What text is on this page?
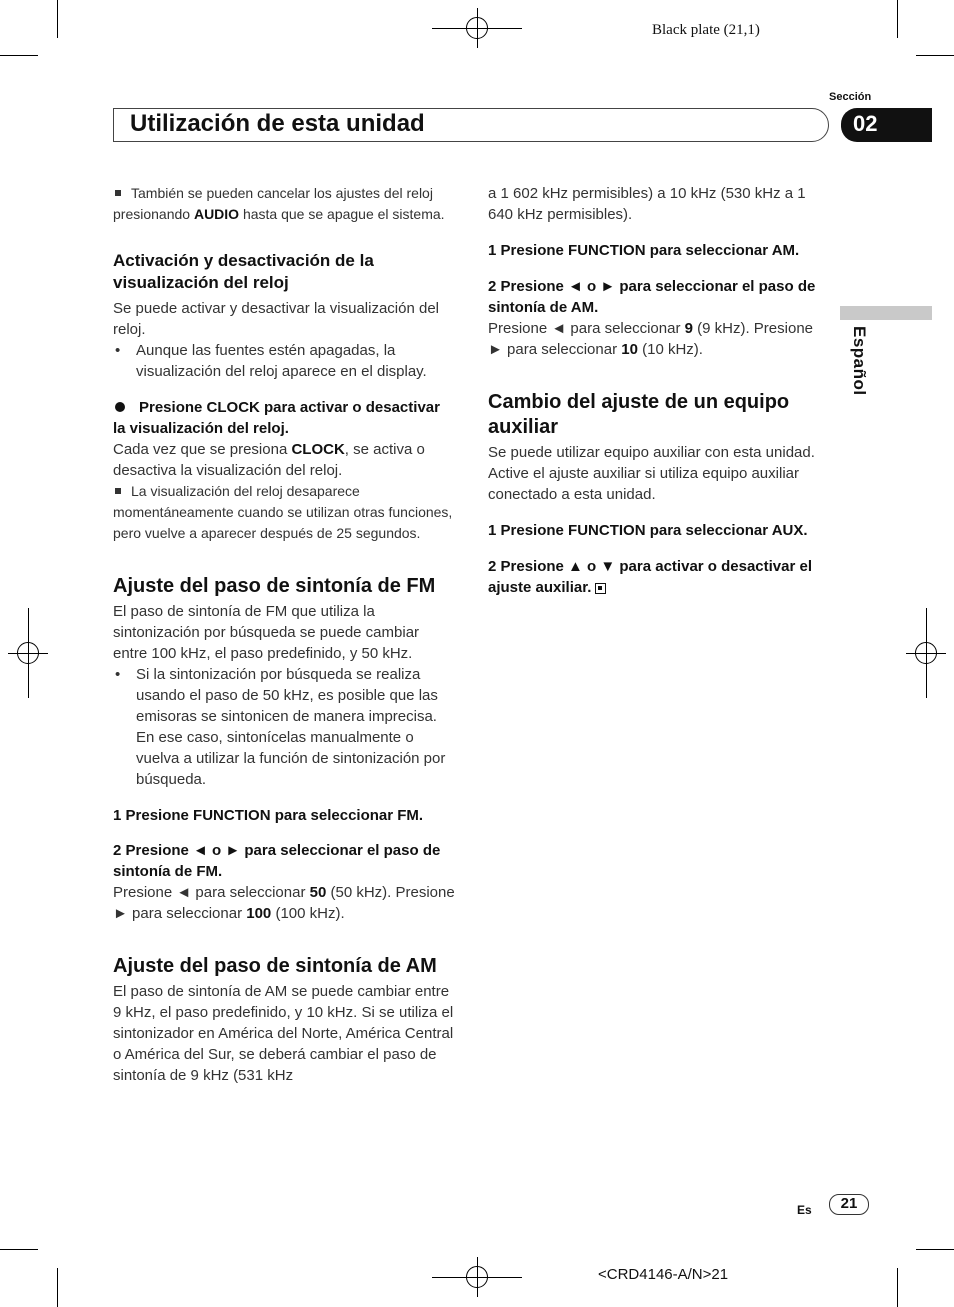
Black plate (21,1)
Utilización de esta unidad
Sección
02
Español

También se pueden cancelar los ajustes del reloj presionando AUDIO hasta que se apague el sistema.

Activación y desactivación de la visualización del reloj

Se puede activar y desactivar la visualización del reloj.

• Aunque las fuentes estén apagadas, la visualización del reloj aparece en el display.

Presione CLOCK para activar o desactivar la visualización del reloj.

Cada vez que se presiona CLOCK, se activa o desactiva la visualización del reloj.

La visualización del reloj desaparece momentáneamente cuando se utilizan otras funciones, pero vuelve a aparecer después de 25 segundos.

Ajuste del paso de sintonía de FM

El paso de sintonía de FM que utiliza la sintonización por búsqueda se puede cambiar entre 100 kHz, el paso predefinido, y 50 kHz.

• Si la sintonización por búsqueda se realiza usando el paso de 50 kHz, es posible que las emisoras se sintonicen de manera imprecisa. En ese caso, sintonícelas manualmente o vuelva a utilizar la función de sintonización por búsqueda.

1 Presione FUNCTION para seleccionar FM.

2 Presione ◄ o ► para seleccionar el paso de sintonía de FM.

Presione ◄ para seleccionar 50 (50 kHz). Presione ► para seleccionar 100 (100 kHz).

Ajuste del paso de sintonía de AM

El paso de sintonía de AM se puede cambiar entre 9 kHz, el paso predefinido, y 10 kHz. Si se utiliza el sintonizador en América del Norte, América Central o América del Sur, se deberá cambiar el paso de sintonía de 9 kHz (531 kHz

a 1 602 kHz permisibles) a 10 kHz (530 kHz a 1 640 kHz permisibles).

1 Presione FUNCTION para seleccionar AM.

2 Presione ◄ o ► para seleccionar el paso de sintonía de AM.

Presione ◄ para seleccionar 9 (9 kHz). Presione ► para seleccionar 10 (10 kHz).

Cambio del ajuste de un equipo auxiliar

Se puede utilizar equipo auxiliar con esta unidad. Active el ajuste auxiliar si utiliza equipo auxiliar conectado a esta unidad.

1 Presione FUNCTION para seleccionar AUX.

2 Presione ▲ o ▼ para activar o desactivar el ajuste auxiliar.

Es	21
<CRD4146-A/N>21
